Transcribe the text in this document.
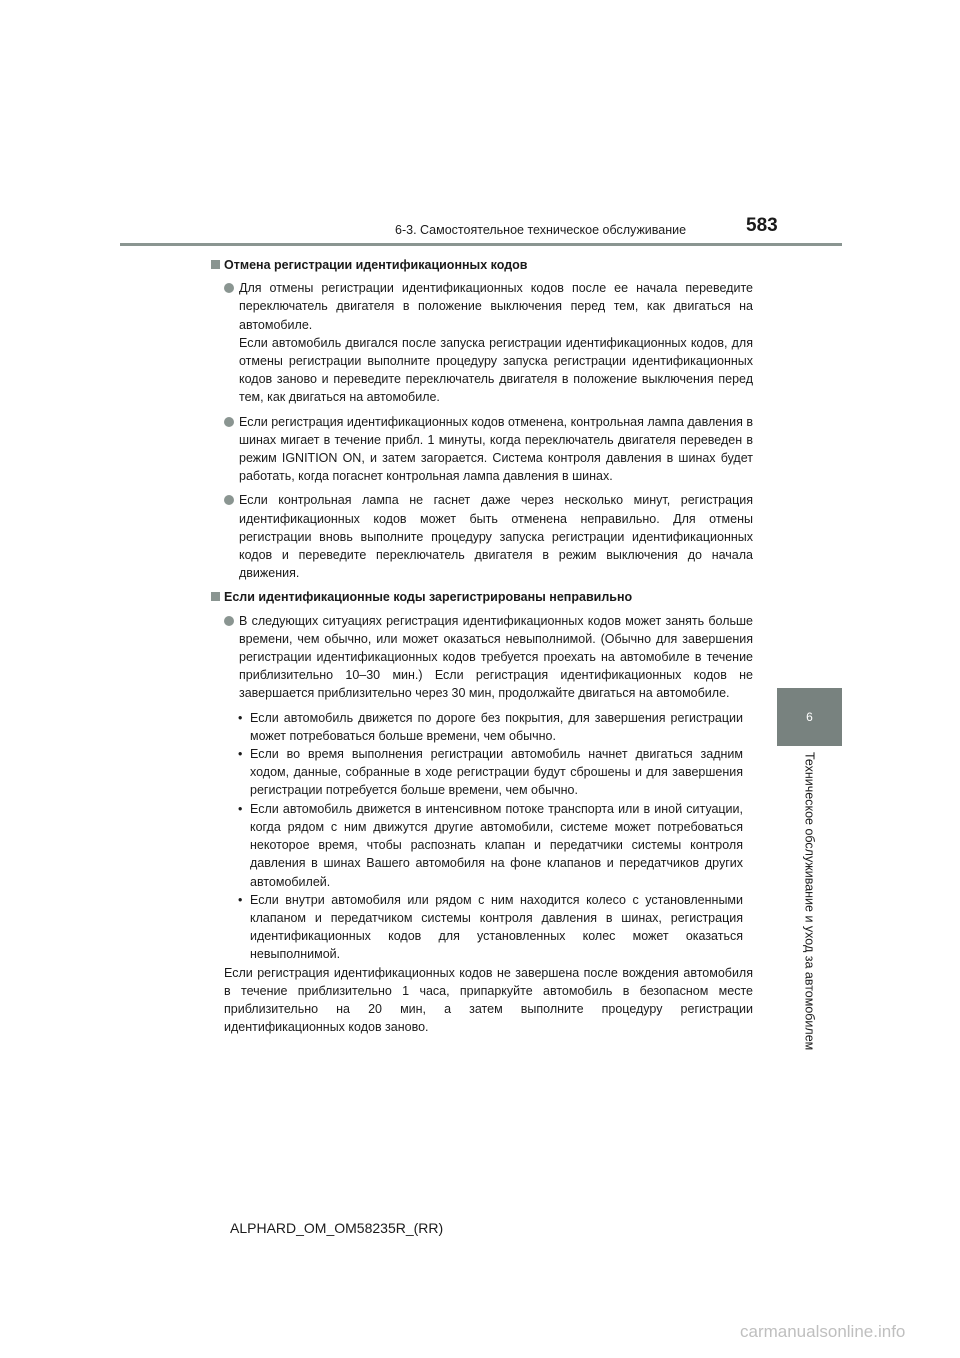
6-3. Самостоятельное техническое обслуживание	583
6
Техническое обслуживание и уход за автомобилем
Отмена регистрации идентификационных кодов

Для отмены регистрации идентификационных кодов после ее начала переведите переключатель двигателя в положение выключения перед тем, как двигаться на автомобиле.

Если автомобиль двигался после запуска регистрации идентификационных кодов, для отмены регистрации выполните процедуру запуска регистрации идентификационных кодов заново и переведите переключатель двигателя в положение выключения перед тем, как двигаться на автомобиле.

Если регистрация идентификационных кодов отменена, контрольная лампа давления в шинах мигает в течение прибл. 1 минуты, когда переключатель двигателя переведен в режим IGNITION ON, и затем загорается. Система контроля давления в шинах будет работать, когда погаснет контрольная лампа давления в шинах.

Если контрольная лампа не гаснет даже через несколько минут, регистрация идентификационных кодов может быть отменена неправильно. Для отмены регистрации вновь выполните процедуру запуска регистрации идентификационных кодов и переведите переключатель двигателя в режим выключения до начала движения.

Если идентификационные коды зарегистрированы неправильно

В следующих ситуациях регистрация идентификационных кодов может занять больше времени, чем обычно, или может оказаться невыполнимой. (Обычно для завершения регистрации идентификационных кодов требуется проехать на автомобиле в течение приблизительно 10–30 мин.) Если регистрация идентификационных кодов не завершается приблизительно через 30 мин, продолжайте двигаться на автомобиле.

• Если автомобиль движется по дороге без покрытия, для завершения регистрации может потребоваться больше времени, чем обычно.
• Если во время выполнения регистрации автомобиль начнет двигаться задним ходом, данные, собранные в ходе регистрации будут сброшены и для завершения регистрации потребуется больше времени, чем обычно.
• Если автомобиль движется в интенсивном потоке транспорта или в иной ситуации, когда рядом с ним движутся другие автомобили, системе может потребоваться некоторое время, чтобы распознать клапан и передатчики системы контроля давления в шинах Вашего автомобиля на фоне клапанов и передатчиков других автомобилей.
• Если внутри автомобиля или рядом с ним находится колесо с установленными клапаном и передатчиком системы контроля давления в шинах, регистрация идентификационных кодов для установленных колес может оказаться невыполнимой.

Если регистрация идентификационных кодов не завершена после вождения автомобиля в течение приблизительно 1 часа, припаркуйте автомобиль в безопасном месте приблизительно на 20 мин, а затем выполните процедуру регистрации идентификационных кодов заново.

ALPHARD_OM_OM58235R_(RR)
carmanualsonline.info
